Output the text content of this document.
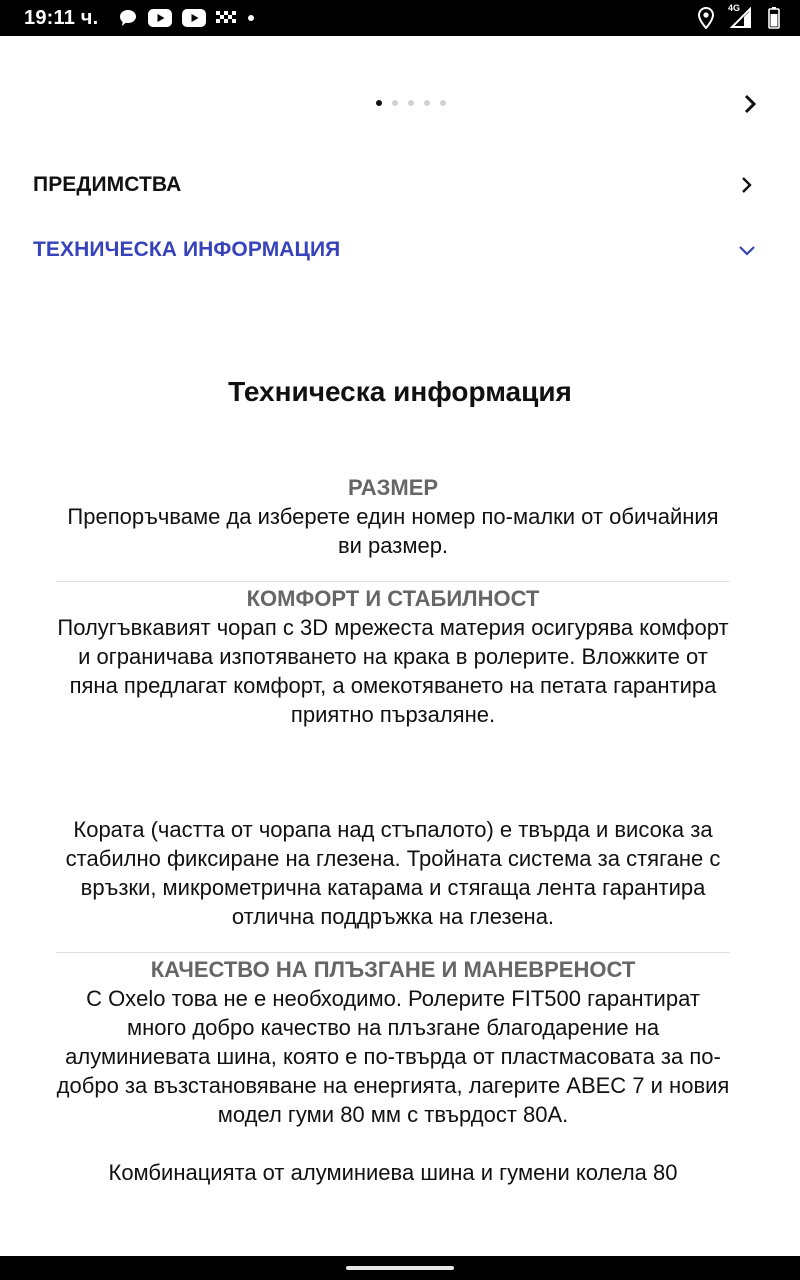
19:11 ч.	4G
ПРЕДИМСТВА
ТЕХНИЧЕСКА ИНФОРМАЦИЯ
Техническа информация
РАЗМЕР

Препоръчваме да изберете един номер по-малки от обичайния ви размер.

КОМФОРТ И СТАБИЛНОСТ

Полугъвкавият чорап с 3D мрежеста материя осигурява комфорт и ограничава изпотяването на крака в ролерите. Вложките от пяна предлагат комфорт, а омекотяването на петата гарантира приятно пързаляне.

Кората (частта от чорапа над стъпалото) е твърда и висока за стабилно фиксиране на глезена. Тройната система за стягане с връзки, микрометрична катарама и стягаща лента гарантира отлична поддръжка на глезена.

КАЧЕСТВО НА ПЛЪЗГАНЕ И МАНЕВРЕНОСТ

С Oxelo това не е необходимо. Ролерите FIT500 гарантират много добро качество на плъзгане благодарение на алуминиевата шина, която е по-твърда от пластмасовата за по-добро за възстановяване на енергията, лагерите ABEC 7 и новия модел гуми 80 мм с твърдост 80A.

Комбинацията от алуминиева шина и гумени колела 80
